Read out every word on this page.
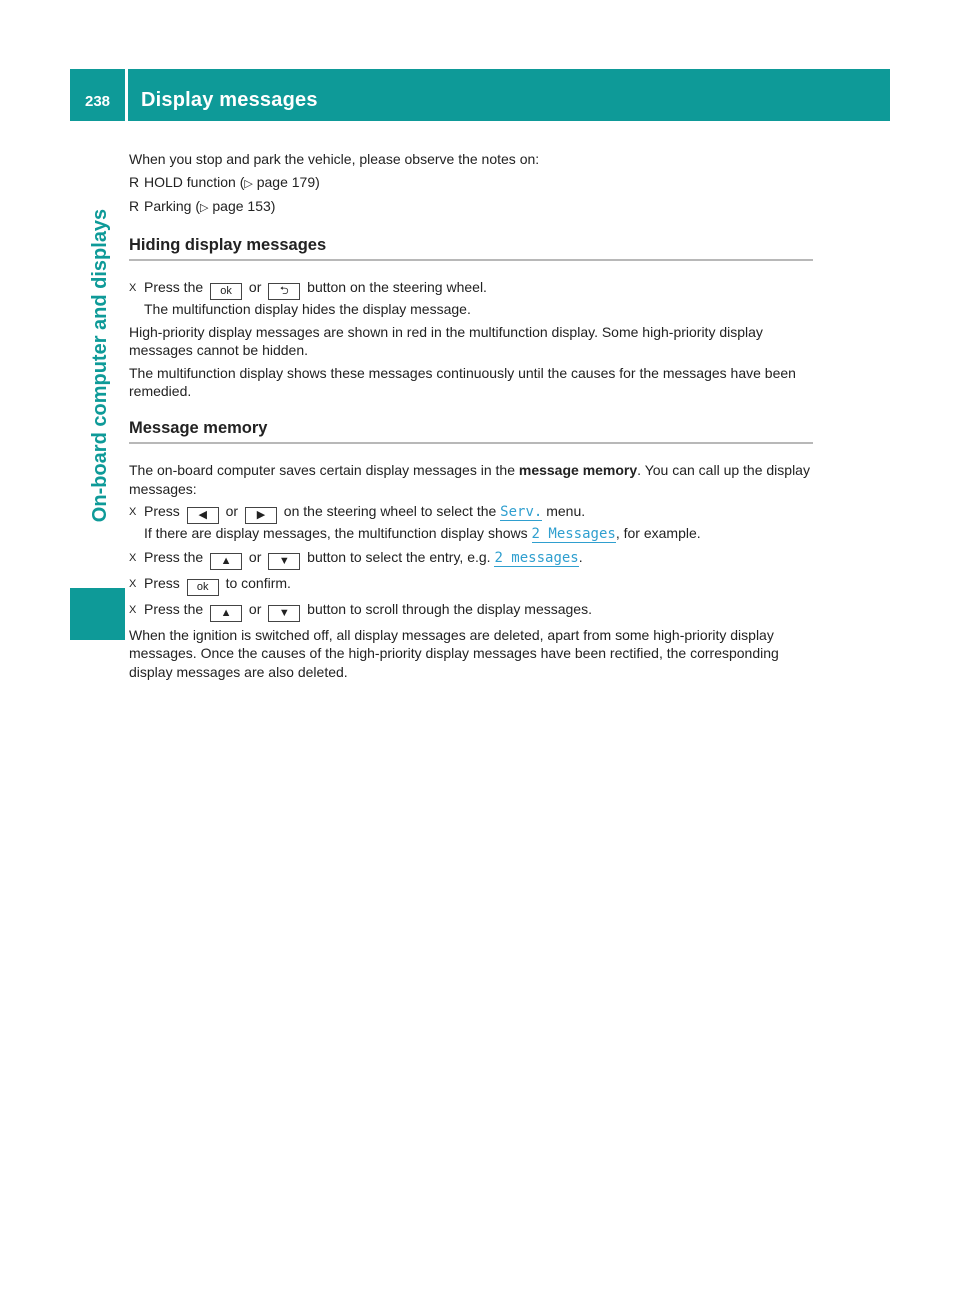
238	Display messages
On-board computer and displays

When you stop and park the vehicle, please observe the notes on:

R HOLD function (▷ page 179)
R Parking (▷ page 153)
Hiding display messages
X Press the ok or ⮌ button on the steering wheel.
The multifunction display hides the display message.

High-priority display messages are shown in red in the multifunction display. Some high-priority display messages cannot be hidden.

The multifunction display shows these messages continuously until the causes for the messages have been remedied.

Message memory

The on-board computer saves certain display messages in the message memory. You can call up the display messages:

X Press ◀ or ▶ on the steering wheel to select the Serv. menu.
If there are display messages, the multifunction display shows 2 Messages, for example.
X Press the ▲ or ▼ button to select the entry, e.g. 2 messages.
X Press ok to confirm.
X Press the ▲ or ▼ button to scroll through the display messages.

When the ignition is switched off, all display messages are deleted, apart from some high-priority display messages. Once the causes of the high-priority display messages have been rectified, the corresponding display messages are also deleted.
